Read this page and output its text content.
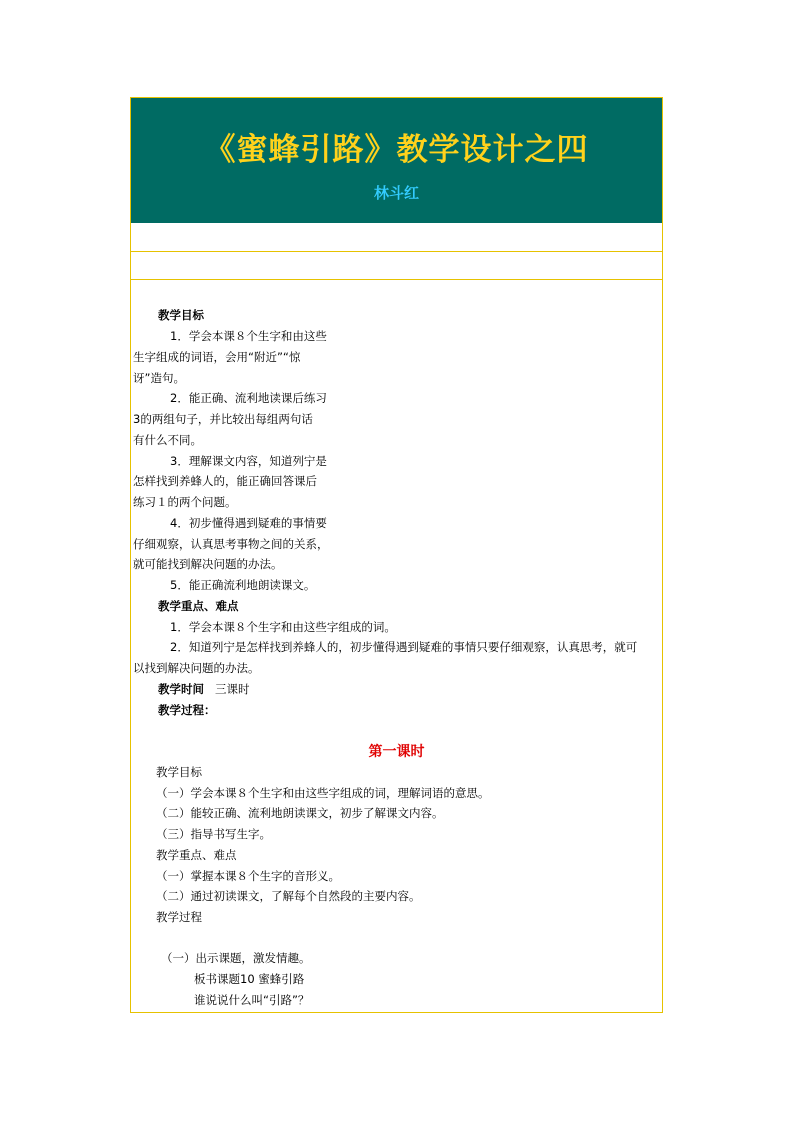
《蜜蜂引路》教学设计之四
林斗红
教学目标
1．学会本课８个生字和由这些
生字组成的词语，会用“附近”“惊
讶”造句。
2．能正确、流利地读课后练习
3的两组句子，并比较出每组两句话
有什么不同。
3．理解课文内容，知道列宁是
怎样找到养蜂人的，能正确回答课后
练习１的两个问题。
4．初步懂得遇到疑难的事情要
仔细观察，认真思考事物之间的关系，
就可能找到解决问题的办法。
5．能正确流利地朗读课文。
教学重点、难点
1．学会本课８个生字和由这些字组成的词。
2．知道列宁是怎样找到养蜂人的，初步懂得遇到疑难的事情只要仔细观察，认真思考，就可
以找到解决问题的办法。
教学时间 三课时
教学过程：
第一课时
教学目标
（一）学会本课８个生字和由这些字组成的词，理解词语的意思。
（二）能较正确、流利地朗读课文，初步了解课文内容。
（三）指导书写生字。
教学重点、难点
（一）掌握本课８个生字的音形义。
（二）通过初读课文，了解每个自然段的主要内容。
教学过程
（一）出示课题，激发情趣。
板书课题10 蜜蜂引路
谁说说什么叫“引路”？
